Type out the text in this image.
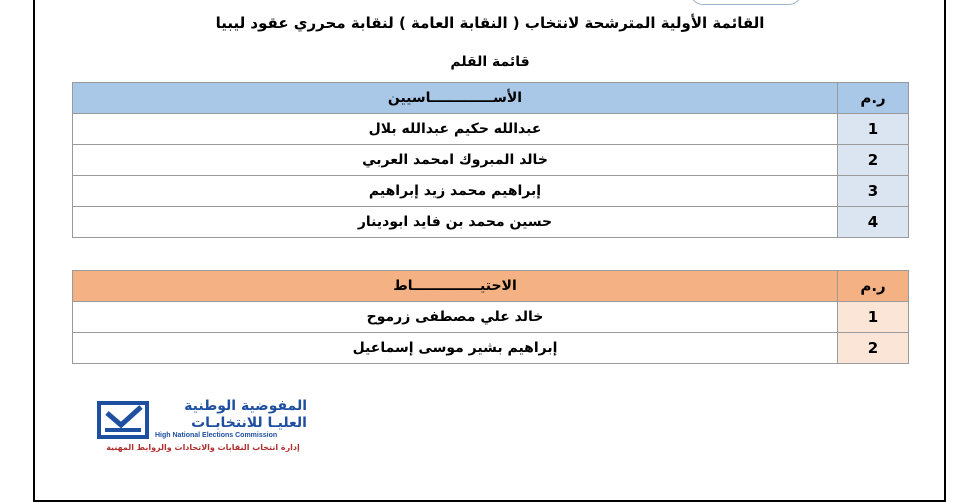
القائمة الأولية المترشحة لانتخاب ( النقابة العامة ) لنقابة محرري عقود ليبيا
قائمة القلم
الأســـــــــــــاسيين	ر.م
عبدالله حكيم عبدالله بلال	1
خالد المبروك امحمد العربي	2
إبراهيم محمد زيد إبراهيم	3
حسين محمد بن فايد ابودينار	4
الاحتيــــــــــــــاط	ر.م
خالد علي مصطفى زرموح	1
إبراهيم بشير موسى إسماعيل	2
المفوضية الوطنية
العليـا للانتخابـات
High National Elections Commission
إدارة انتخاب النقابات والاتحادات والروابط المهنية
